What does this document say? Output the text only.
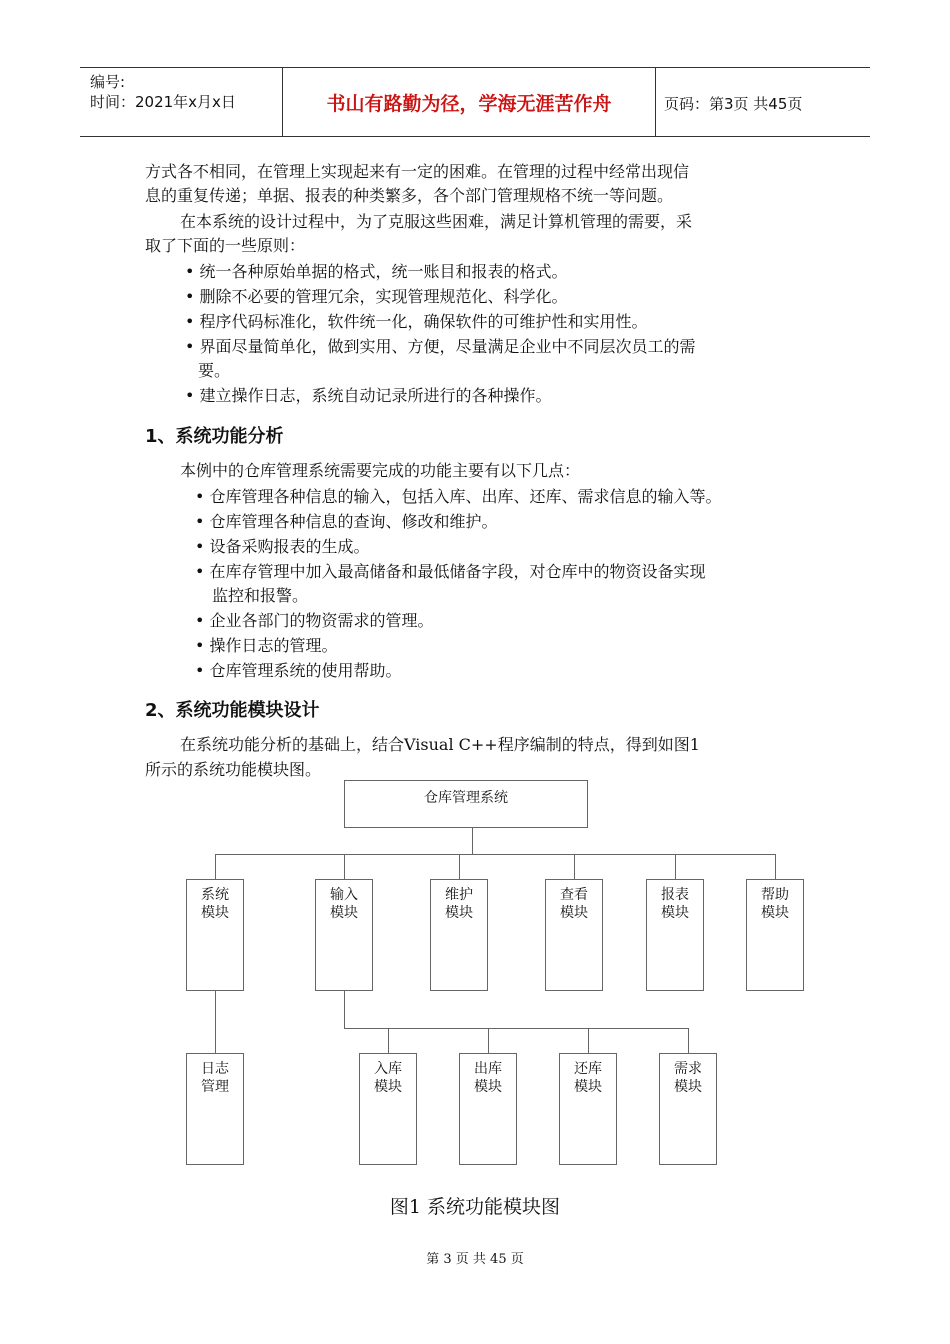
编号:
时间：2021年x月x日	书山有路勤为径，学海无涯苦作舟	页码：第3页 共45页
方式各不相同，在管理上实现起来有一定的困难。在管理的过程中经常出现信
息的重复传递；单据、报表的种类繁多，各个部门管理规格不统一等问题。
在本系统的设计过程中，为了克服这些困难，满足计算机管理的需要，采
取了下面的一些原则：
• 统一各种原始单据的格式，统一账目和报表的格式。
• 删除不必要的管理冗余，实现管理规范化、科学化。
• 程序代码标准化，软件统一化，确保软件的可维护性和实用性。
• 界面尽量简单化，做到实用、方便，尽量满足企业中不同层次员工的需
要。
• 建立操作日志，系统自动记录所进行的各种操作。
1、系统功能分析
本例中的仓库管理系统需要完成的功能主要有以下几点：
• 仓库管理各种信息的输入，包括入库、出库、还库、需求信息的输入等。
• 仓库管理各种信息的查询、修改和维护。
• 设备采购报表的生成。
• 在库存管理中加入最高储备和最低储备字段，对仓库中的物资设备实现
监控和报警。
• 企业各部门的物资需求的管理。
• 操作日志的管理。
• 仓库管理系统的使用帮助。
2、系统功能模块设计
在系统功能分析的基础上，结合Visual C++程序编制的特点，得到如图1
所示的系统功能模块图。
仓库管理系统
系统
模块
输入
模块
维护
模块
查看
模块
报表
模块
帮助
模块
日志
管理
入库
模块
出库
模块
还库
模块
需求
模块
图1 系统功能模块图
第 3 页 共 45 页
